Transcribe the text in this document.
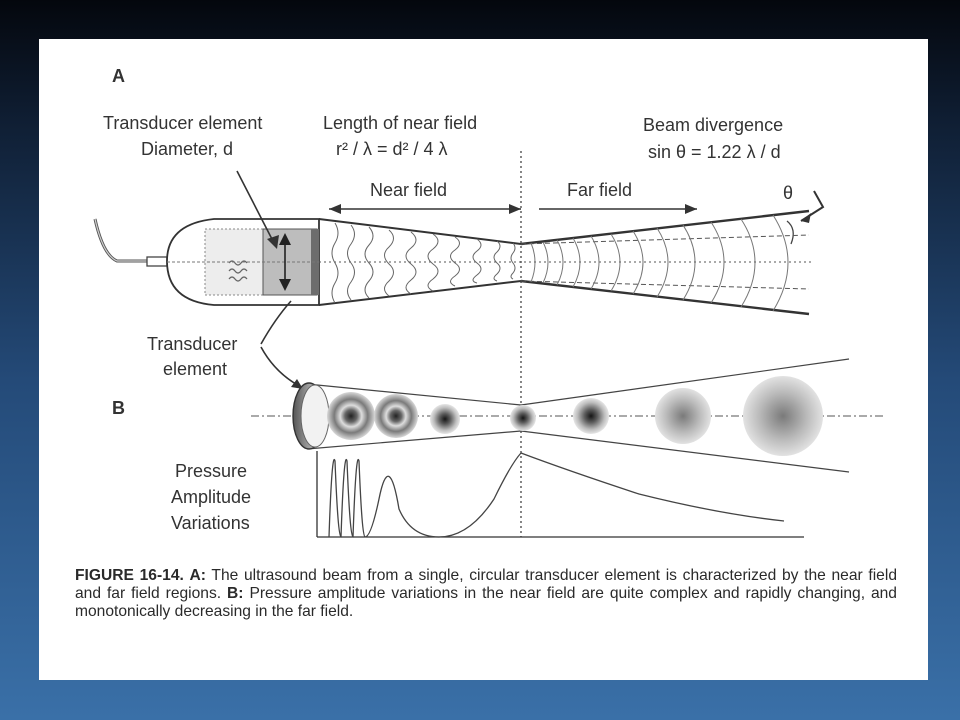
A
Transducer element
Diameter, d
Length of near field
r² / λ = d² / 4 λ
Beam divergence
sin θ = 1.22 λ / d
θ
Near field	Far field
Transducer
element
B
Pressure
Amplitude
Variations
FIGURE 16-14. A: The ultrasound beam from a single, circular transducer element is characterized by the near field and far field regions. B: Pressure amplitude variations in the near field are quite complex and rapidly changing, and monotonically decreasing in the far field.
